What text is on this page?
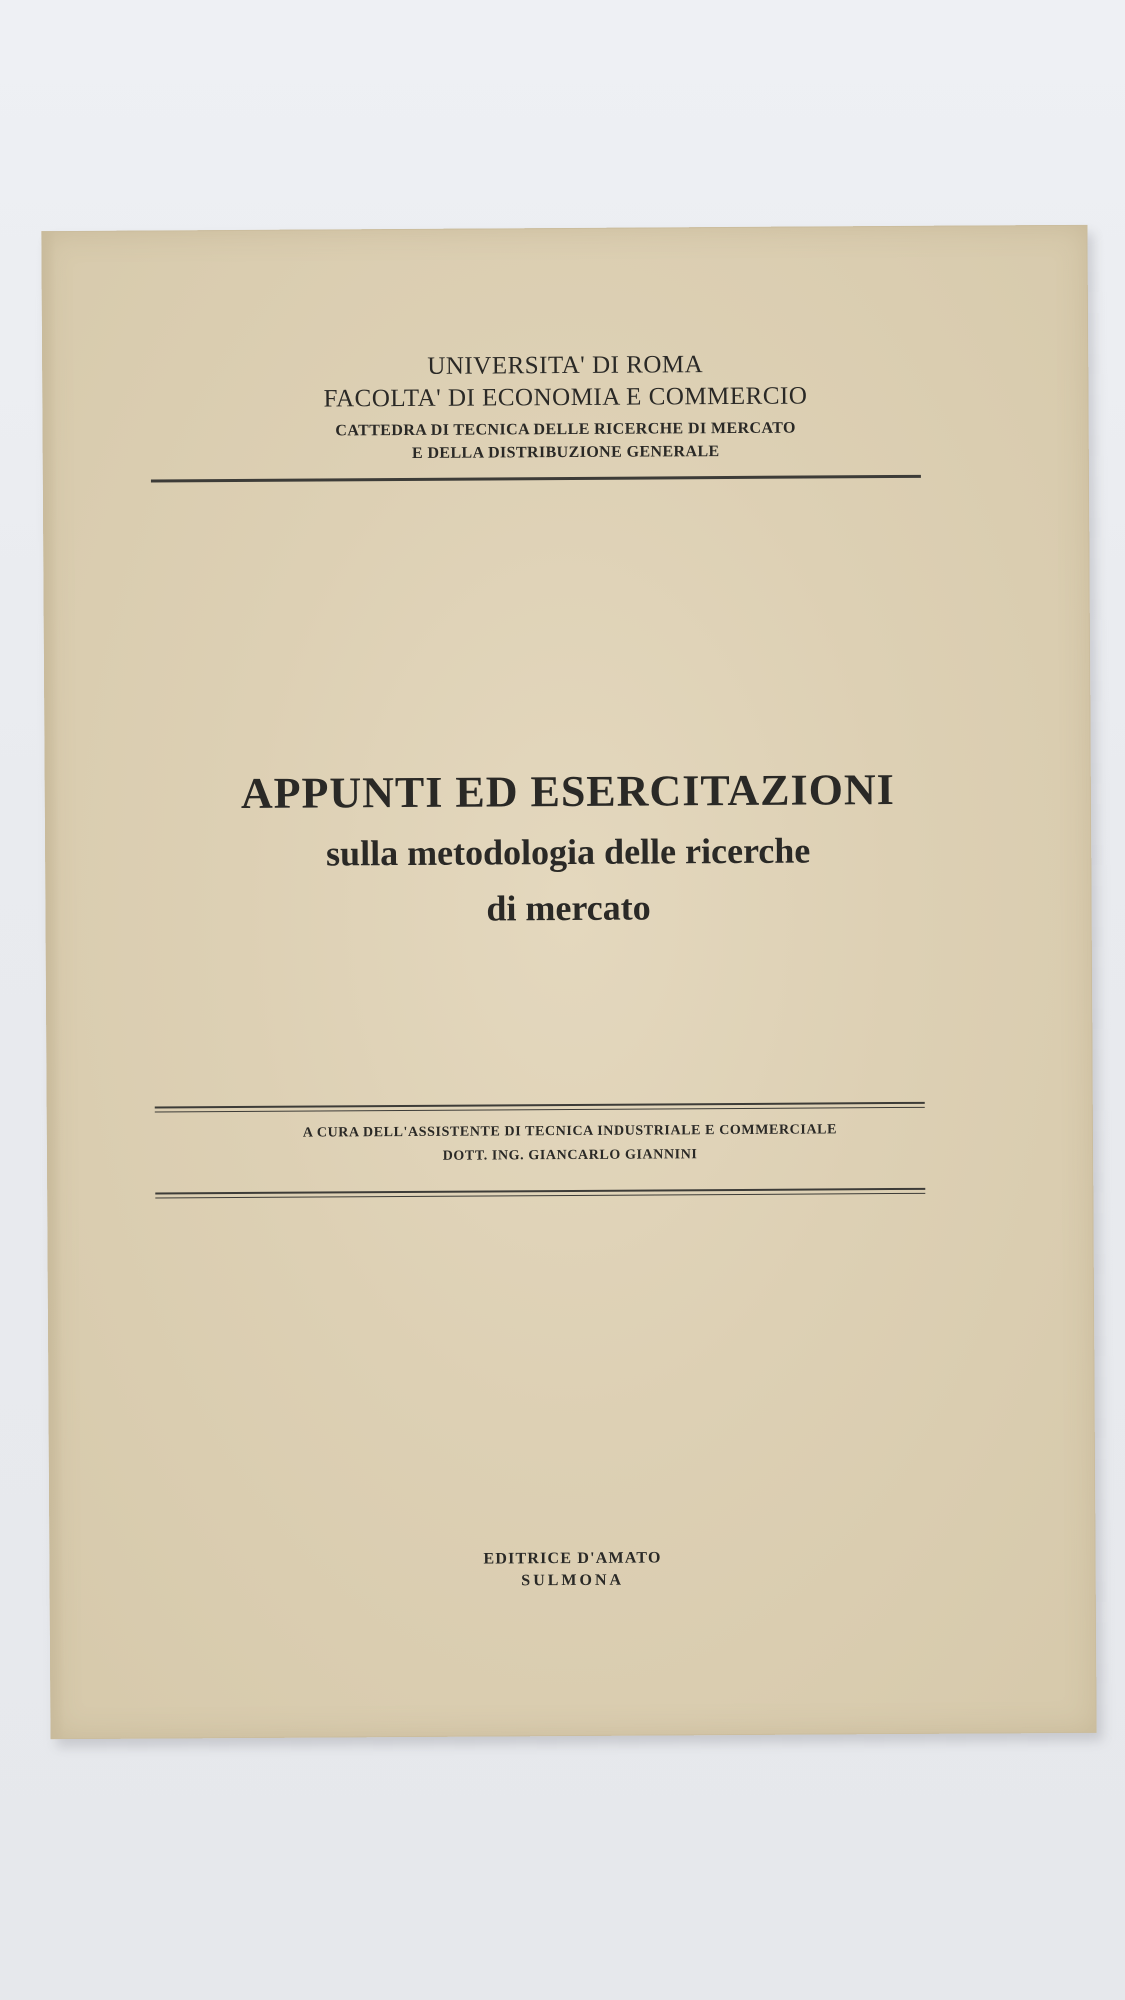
UNIVERSITA' DI ROMA
FACOLTA' DI ECONOMIA E COMMERCIO
CATTEDRA DI TECNICA DELLE RICERCHE DI MERCATO
E DELLA DISTRIBUZIONE GENERALE
APPUNTI ED ESERCITAZIONI
sulla metodologia delle ricerche
di mercato
A CURA DELL'ASSISTENTE DI TECNICA INDUSTRIALE E COMMERCIALE
DOTT. ING. GIANCARLO GIANNINI
EDITRICE D'AMATO
SULMONA
